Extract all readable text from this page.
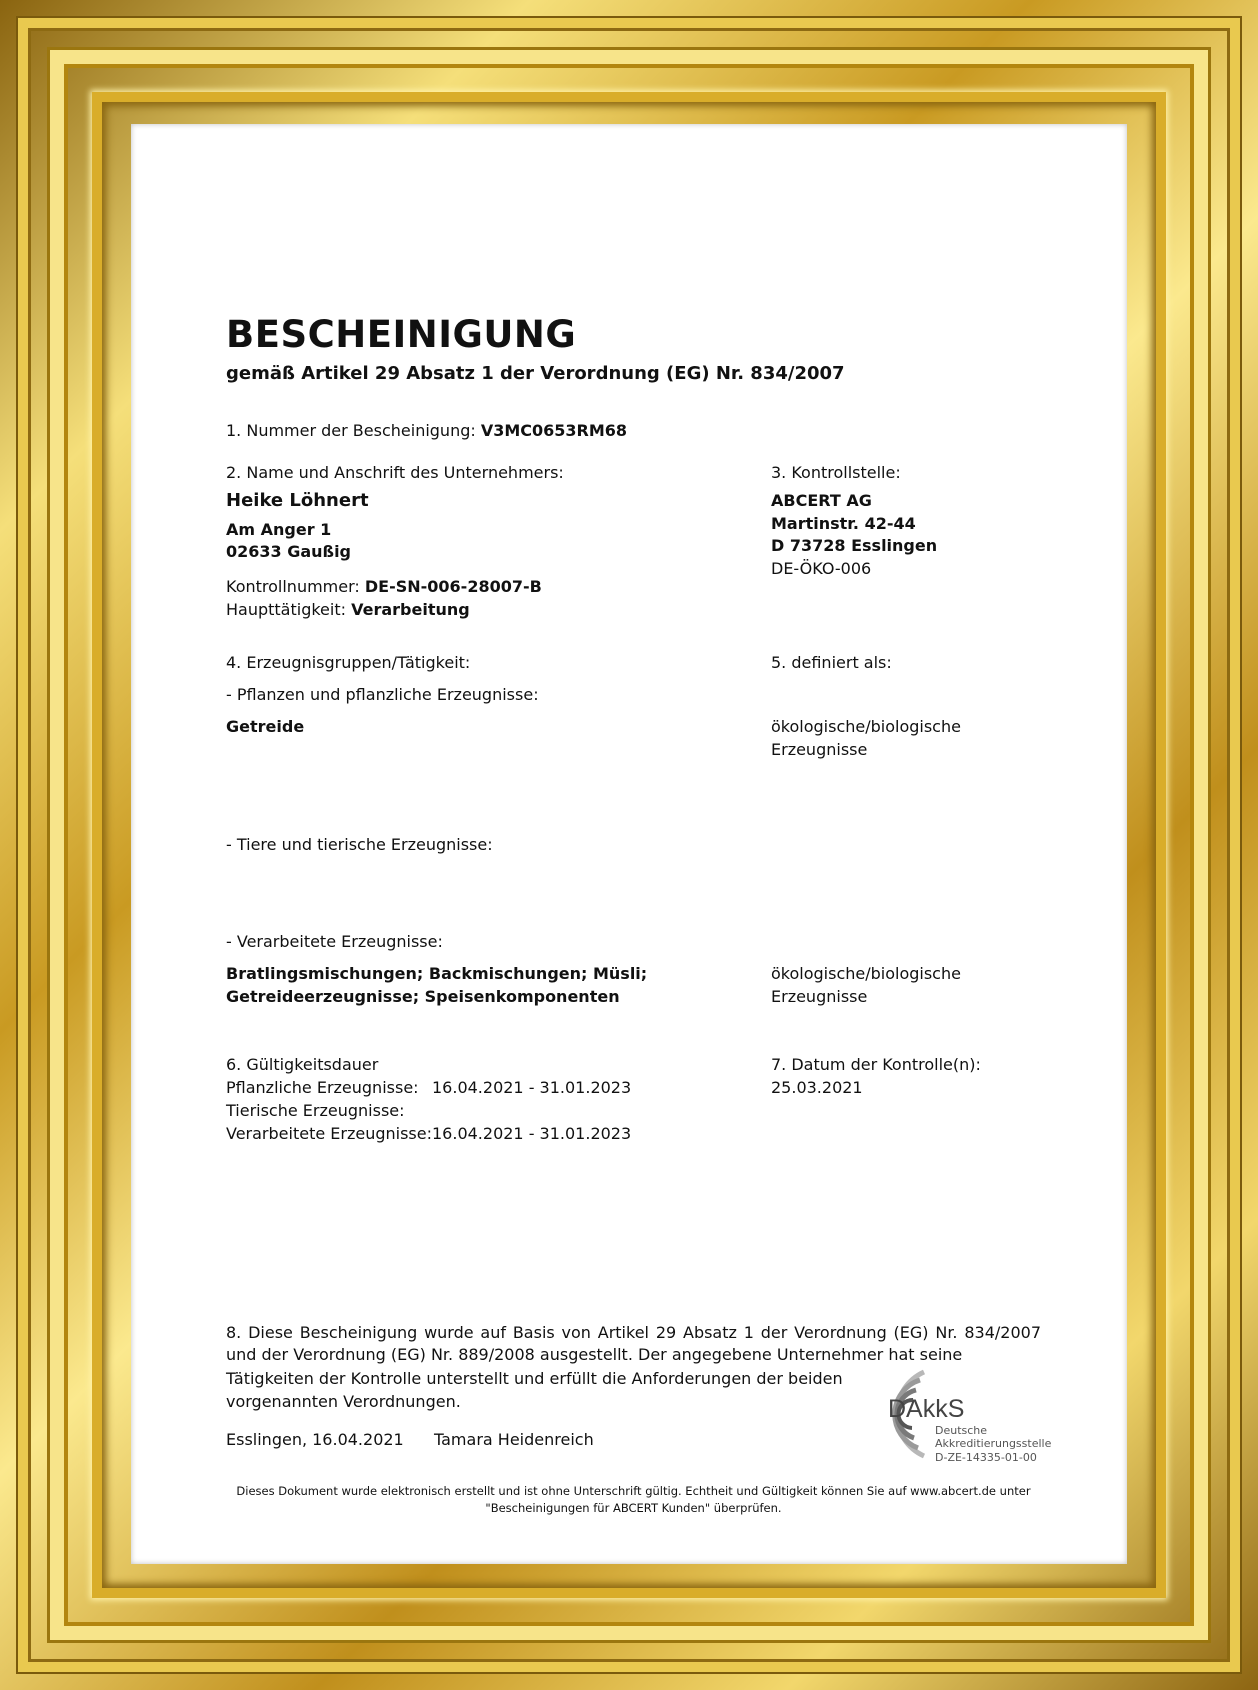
BESCHEINIGUNG
gemäß Artikel 29 Absatz 1 der Verordnung (EG) Nr. 834/2007
1. Nummer der Bescheinigung: V3MC0653RM68
2. Name und Anschrift des Unternehmers:
Heike Löhnert
Am Anger 1
02633 Gaußig
Kontrollnummer: DE-SN-006-28007-B
Haupttätigkeit: Verarbeitung
3. Kontrollstelle:
ABCERT AG
Martinstr. 42-44
D 73728 Esslingen
DE-ÖKO-006
4. Erzeugnisgruppen/Tätigkeit:
- Pflanzen und pflanzliche Erzeugnisse:
Getreide
- Tiere und tierische Erzeugnisse:
- Verarbeitete Erzeugnisse:
Bratlingsmischungen; Backmischungen; Müsli;
Getreideerzeugnisse; Speisenkomponenten
5. definiert als:
ökologische/biologische
Erzeugnisse
ökologische/biologische
Erzeugnisse
6. Gültigkeitsdauer
Pflanzliche Erzeugnisse: 16.04.2021 - 31.01.2023
Tierische Erzeugnisse:
Verarbeitete Erzeugnisse: 16.04.2021 - 31.01.2023
7. Datum der Kontrolle(n):
25.03.2021
8. Diese Bescheinigung wurde auf Basis von Artikel 29 Absatz 1 der Verordnung (EG) Nr. 834/2007 und der Verordnung (EG) Nr. 889/2008 ausgestellt. Der angegebene Unternehmer hat seine
Tätigkeiten der Kontrolle unterstellt und erfüllt die Anforderungen der beiden
vorgenannten Verordnungen.
Esslingen, 16.04.2021 Tamara Heidenreich
DAkkS
Deutsche
Akkreditierungsstelle
D-ZE-14335-01-00
Dieses Dokument wurde elektronisch erstellt und ist ohne Unterschrift gültig. Echtheit und Gültigkeit können Sie auf www.abcert.de unter
"Bescheinigungen für ABCERT Kunden" überprüfen.
